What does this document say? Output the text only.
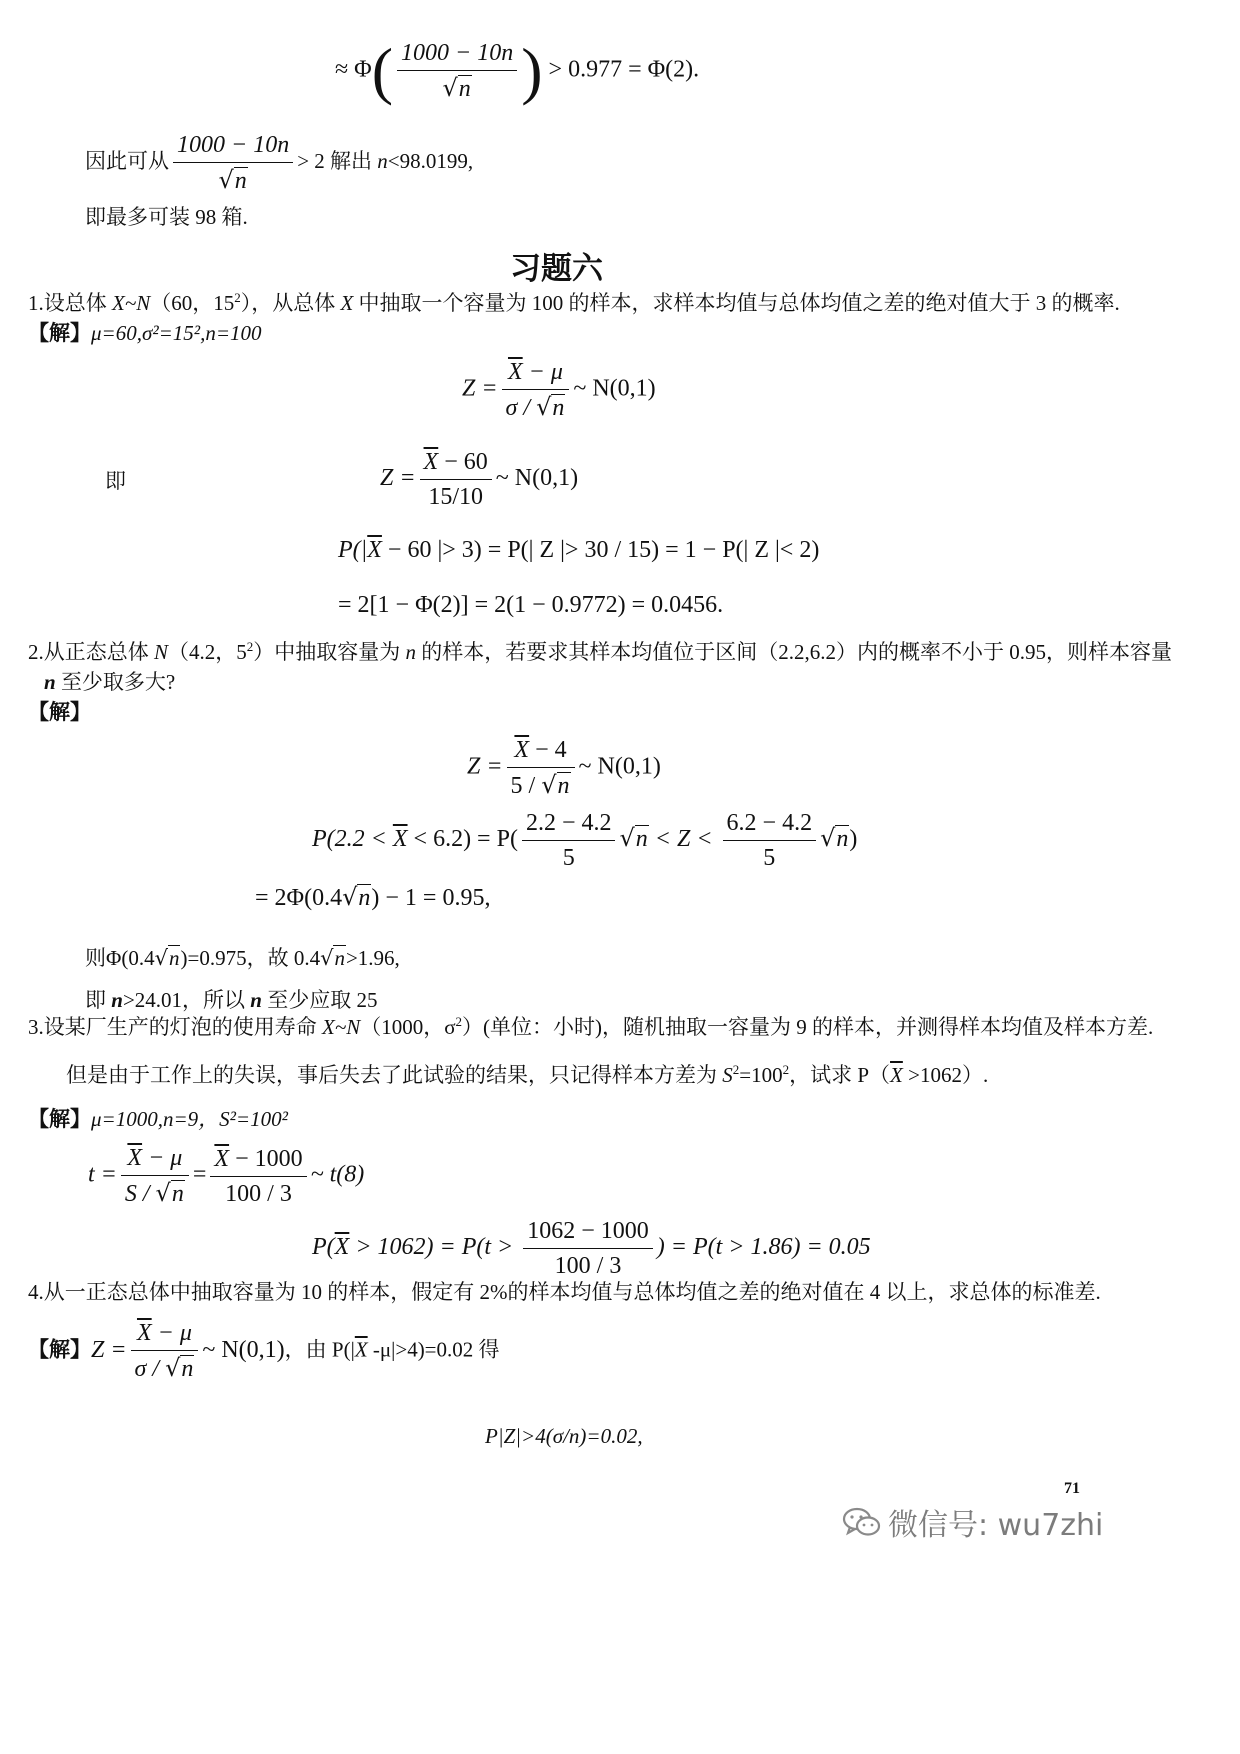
≈ $\Phi( \frac{1000 - 10n}{√n}$ ) > 0.977 = Φ(2).
因此可从 $\frac{1000 - 10n}{√n} > 2$ 解出 n<98.0199,
即最多可装 98 箱.
习题六
1.设总体 X~N（60，$15^2$），从总体 X 中抽取一个容量为 100 的样本，求样本均值与总体均值之差的绝对值大于 3 的概率.
【解】μ=60,σ²=15²,n=100
$Z = \frac{\overline{X} - \mu}{\sigma / √n}$ ~ N(0,1)
即	$Z = \frac{\overline{X} - 60}{15/10}$ ~ N(0,1)
$P(|\overline{X} - 60$ |> 3) = P(| Z |> 30 / 15) = 1 − P(| Z |< 2)
= 2[1 − Φ(2)] = 2(1 − 0.9772) = 0.0456.
2.从正态总体 N（4.2，$5^2$）中抽取容量为 n 的样本，若要求其样本均值位于区间（2.2,6.2）内的概率不小于 0.95，则样本容量
n 至少取多大?
【解】
$Z = \frac{\overline{X} - 4}{5 / √n}$ ~ N(0,1)
$P(2.2 < \overline{X} < 6.2) = P( \frac{2.2 - 4.2}{5} √n < Z < \frac{6.2 - 4.2}{5} √n)$
= 2Φ(0.4√n) − 1 = 0.95,
则Φ(0.4√n)=0.975，故 0.4√n>1.96,
即 n>24.01，所以 n 至少应取 25
3.设某厂生产的灯泡的使用寿命 X~N（1000，$\sigma^2$）(单位：小时)，随机抽取一容量为 9 的样本，并测得样本均值及样本方差.
但是由于工作上的失误，事后失去了此试验的结果，只记得样本方差为 $S^2=100^2$，试求 $P(\overline{X} >1062)$.
【解】μ=1000,n=9，S²=100²
$t = \frac{\overline{X} - \mu}{S / √n} = \frac{\overline{X} - 1000}{100 / 3}$ ~ t(8)
$P(\overline{X} > 1062) = P(t > \frac{1062 - 1000}{100 / 3}$ ) = P(t > 1.86) = 0.05
4.从一正态总体中抽取容量为 10 的样本，假定有 2%的样本均值与总体均值之差的绝对值在 4 以上，求总体的标准差.
【解】$Z = \frac{\overline{X} - \mu}{\sigma / √n}$ ~ N(0,1)，由 $P(|\overline{X}$ -μ|>4)=0.02 得
P|Z|>4(σ/n)=0.02,
71
微信号: wu7zhi
